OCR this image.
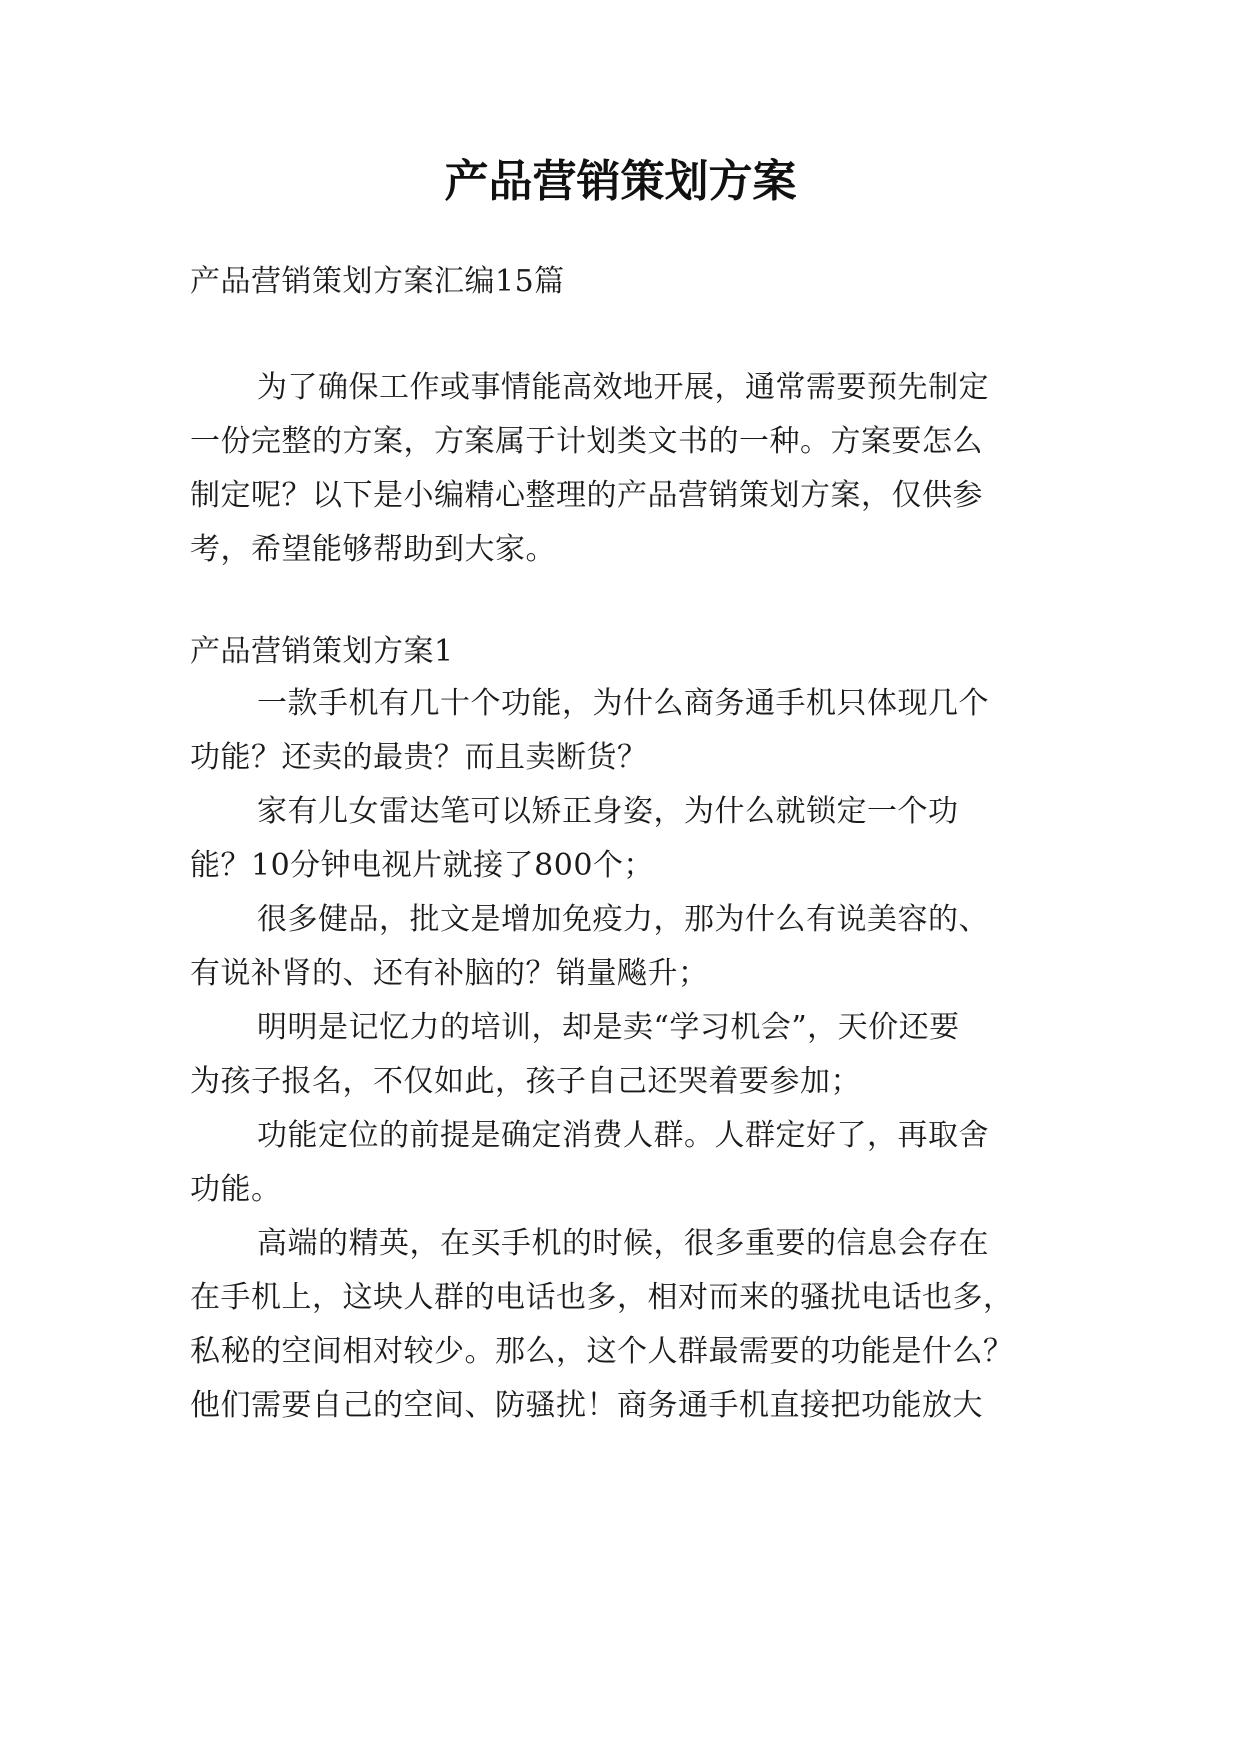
产品营销策划方案
产品营销策划方案汇编15篇
为了确保工作或事情能高效地开展，通常需要预先制定
一份完整的方案，方案属于计划类文书的一种。方案要怎么
制定呢？以下是小编精心整理的产品营销策划方案，仅供参
考，希望能够帮助到大家。
产品营销策划方案1
一款手机有几十个功能，为什么商务通手机只体现几个
功能？还卖的最贵？而且卖断货？
家有儿女雷达笔可以矫正身姿，为什么就锁定一个功
能？10分钟电视片就接了800个；
很多健品，批文是增加免疫力，那为什么有说美容的、
有说补肾的、还有补脑的？销量飚升；
明明是记忆力的培训，却是卖“学习机会”，天价还要
为孩子报名，不仅如此，孩子自己还哭着要参加；
功能定位的前提是确定消费人群。人群定好了，再取舍
功能。
高端的精英，在买手机的时候，很多重要的信息会存在
在手机上，这块人群的电话也多，相对而来的骚扰电话也多，
私秘的空间相对较少。那么，这个人群最需要的功能是什么？
他们需要自己的空间、防骚扰！商务通手机直接把功能放大
